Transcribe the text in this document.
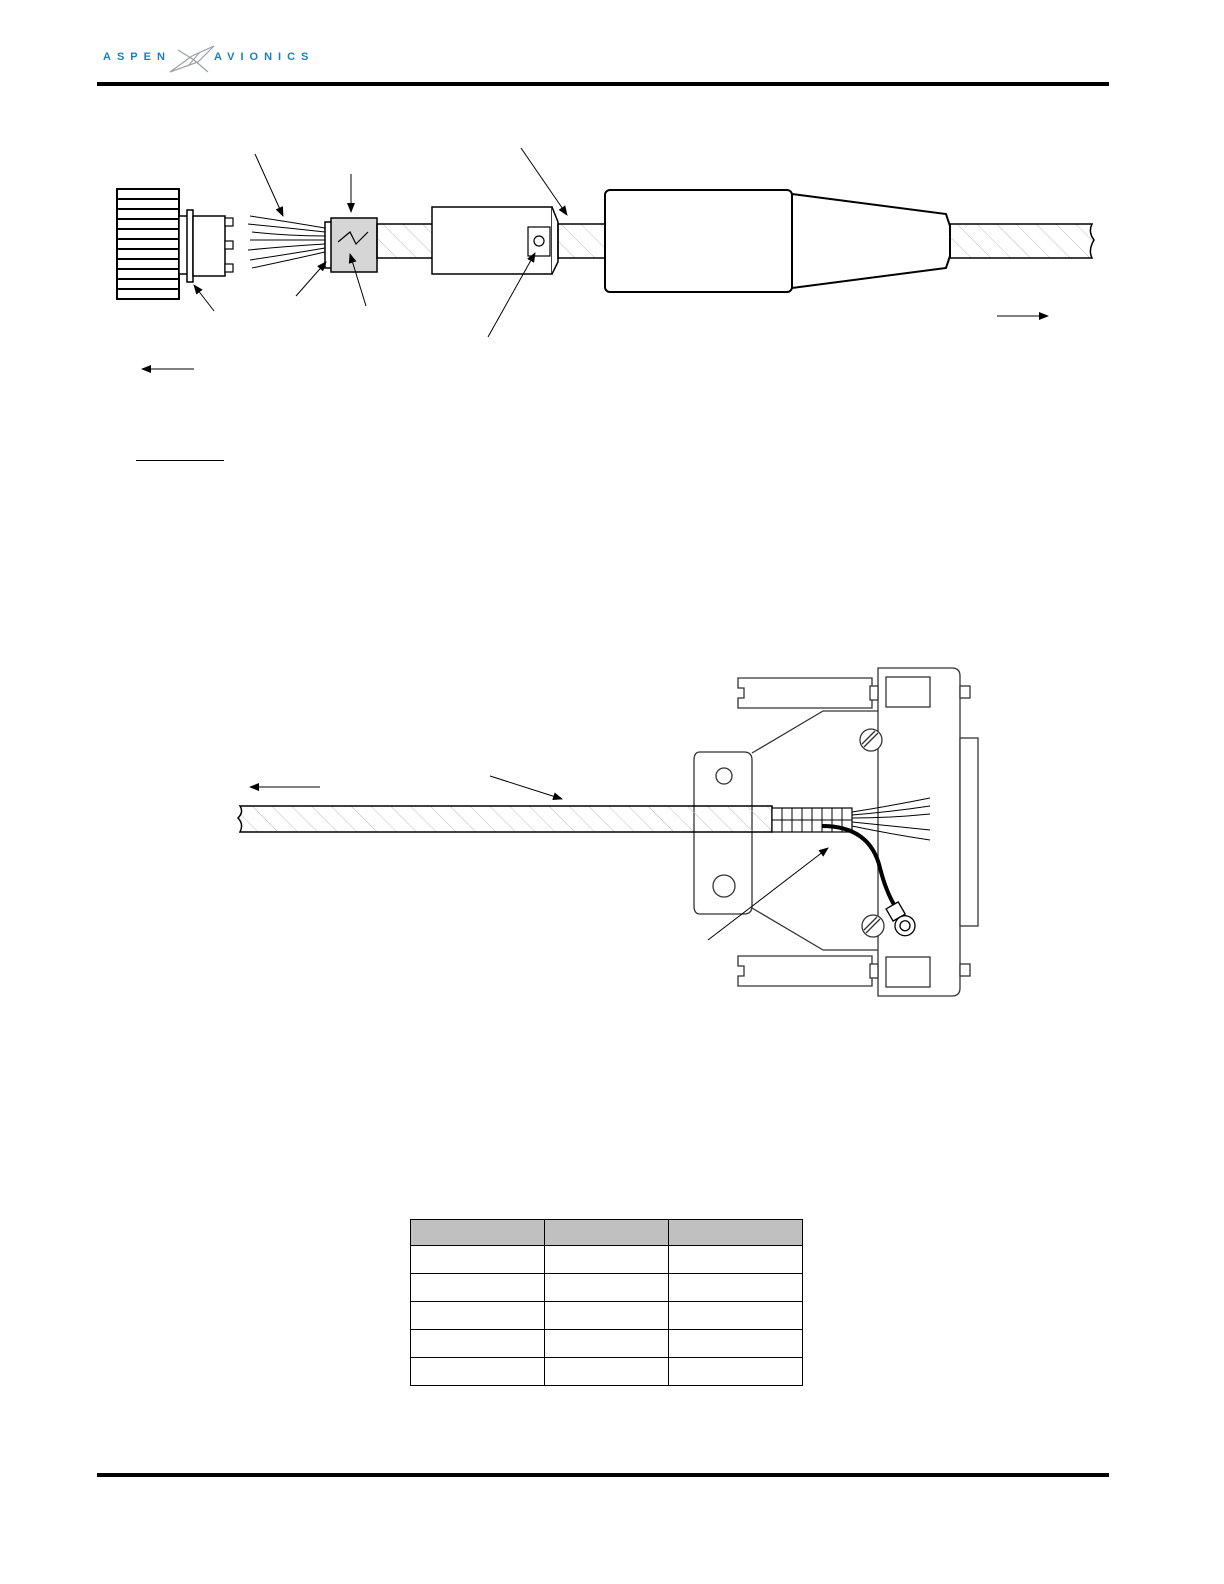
ASPEN	AVIONICS
